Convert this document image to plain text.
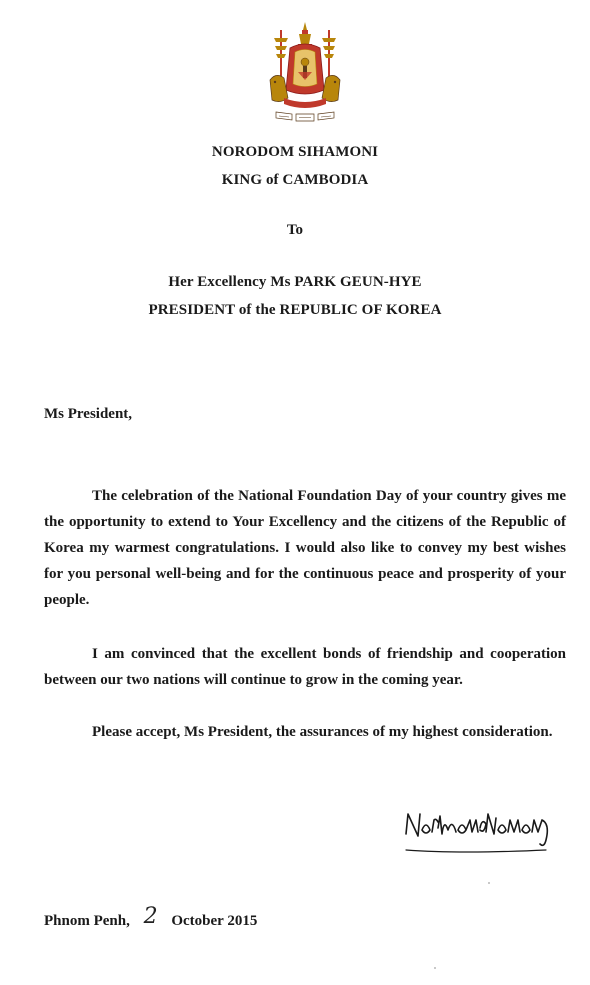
NORODOM SIHAMONI
KING of CAMBODIA
To
Her Excellency Ms PARK GEUN-HYE
PRESIDENT of the REPUBLIC OF KOREA
Ms President,
The celebration of the National Foundation Day of your country gives me the opportunity to extend to Your Excellency and the citizens of the Republic of Korea my warmest congratulations. I would also like to convey my best wishes for you personal well-being and for the continuous peace and prosperity of your people.
I am convinced that the excellent bonds of friendship and cooperation between our two nations will continue to grow in the coming year.
Please accept, Ms President, the assurances of my highest consideration.
Phnom Penh, 2 October 2015
